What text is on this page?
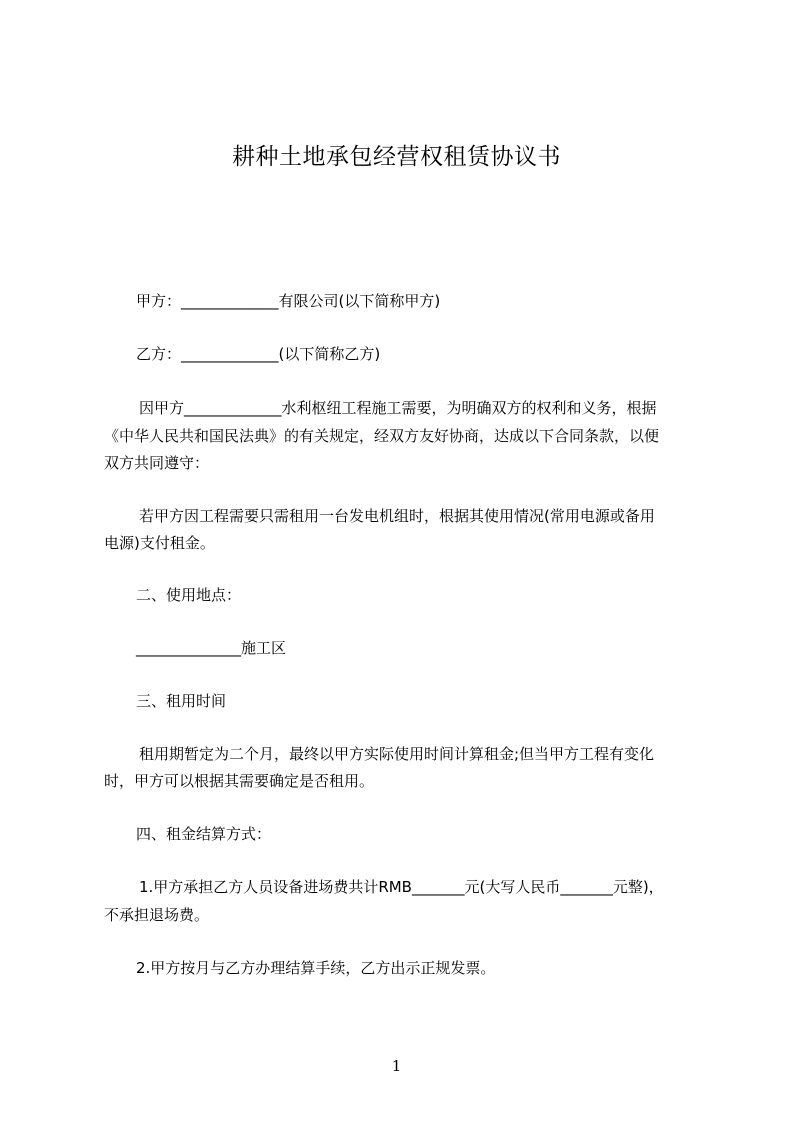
耕种土地承包经营权租赁协议书
甲方：_____________有限公司(以下简称甲方)
乙方：_____________(以下简称乙方)
因甲方_____________水利枢纽工程施工需要，为明确双方的权利和义务，根据
《中华人民共和国民法典》的有关规定，经双方友好协商，达成以下合同条款，以便
双方共同遵守：
若甲方因工程需要只需租用一台发电机组时，根据其使用情况(常用电源或备用
电源)支付租金。
二、使用地点：
______________施工区
三、租用时间
租用期暂定为二个月，最终以甲方实际使用时间计算租金;但当甲方工程有变化
时，甲方可以根据其需要确定是否租用。
四、租金结算方式：
1.甲方承担乙方人员设备进场费共计RMB_______元(大写人民币_______元整)，
不承担退场费。
2.甲方按月与乙方办理结算手续，乙方出示正规发票。
1
